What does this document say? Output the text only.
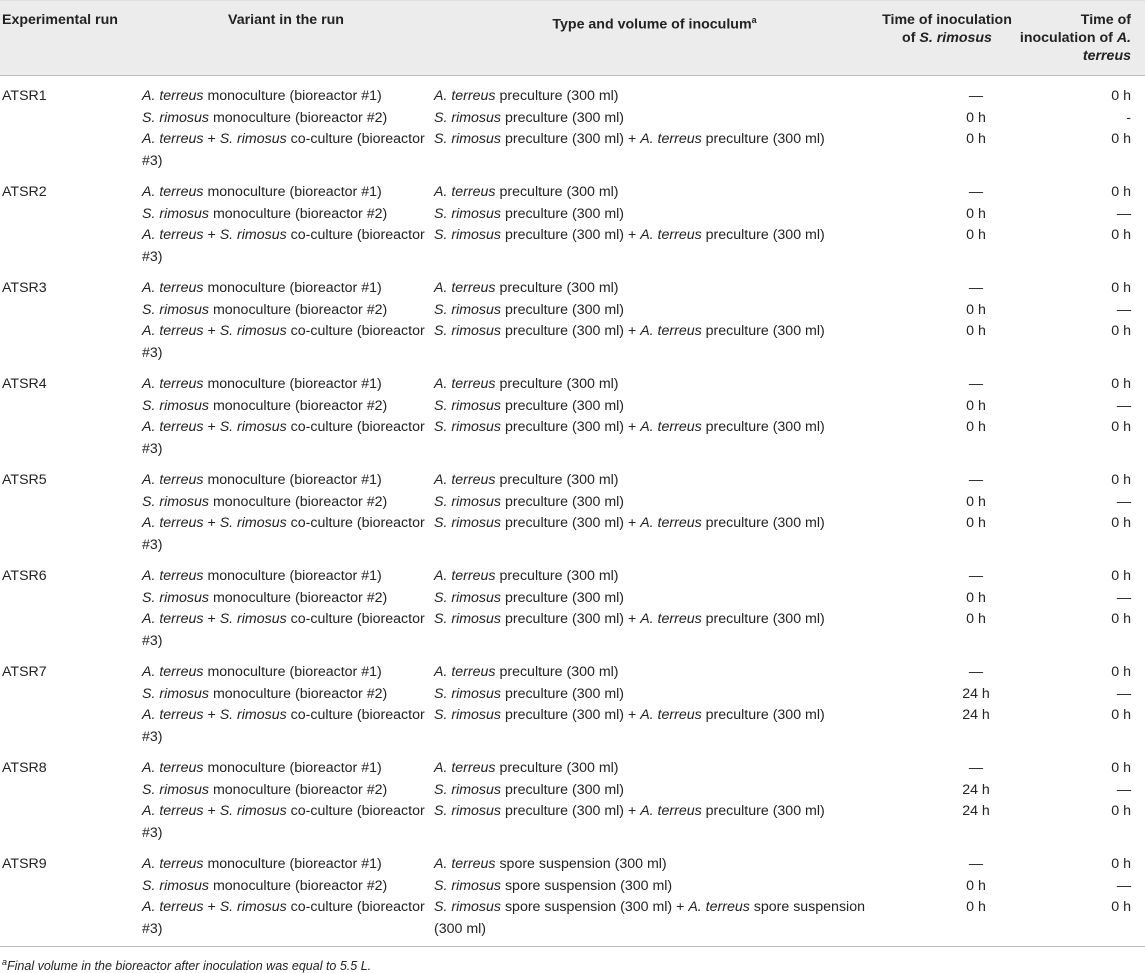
Experimental run	Variant in the run	Type and volume of inoculum$^a$	Time of inoculation of S. rimosus	Time of inoculation of A. terreus
ATSR1	A. terreus monoculture (bioreactor #1)	A. terreus preculture (300 ml)	—	0 h
	S. rimosus monoculture (bioreactor #2)	S. rimosus preculture (300 ml)	0 h	-
	A. terreus + S. rimosus co-culture (bioreactor #3)	S. rimosus preculture (300 ml) + A. terreus preculture (300 ml)	0 h	0 h
ATSR2	A. terreus monoculture (bioreactor #1)	A. terreus preculture (300 ml)	—	0 h
	S. rimosus monoculture (bioreactor #2)	S. rimosus preculture (300 ml)	0 h	—
	A. terreus + S. rimosus co-culture (bioreactor #3)	S. rimosus preculture (300 ml) + A. terreus preculture (300 ml)	0 h	0 h
ATSR3	A. terreus monoculture (bioreactor #1)	A. terreus preculture (300 ml)	—	0 h
	S. rimosus monoculture (bioreactor #2)	S. rimosus preculture (300 ml)	0 h	—
	A. terreus + S. rimosus co-culture (bioreactor #3)	S. rimosus preculture (300 ml) + A. terreus preculture (300 ml)	0 h	0 h
ATSR4	A. terreus monoculture (bioreactor #1)	A. terreus preculture (300 ml)	—	0 h
	S. rimosus monoculture (bioreactor #2)	S. rimosus preculture (300 ml)	0 h	—
	A. terreus + S. rimosus co-culture (bioreactor #3)	S. rimosus preculture (300 ml) + A. terreus preculture (300 ml)	0 h	0 h
ATSR5	A. terreus monoculture (bioreactor #1)	A. terreus preculture (300 ml)	—	0 h
	S. rimosus monoculture (bioreactor #2)	S. rimosus preculture (300 ml)	0 h	—
	A. terreus + S. rimosus co-culture (bioreactor #3)	S. rimosus preculture (300 ml) + A. terreus preculture (300 ml)	0 h	0 h
ATSR6	A. terreus monoculture (bioreactor #1)	A. terreus preculture (300 ml)	—	0 h
	S. rimosus monoculture (bioreactor #2)	S. rimosus preculture (300 ml)	0 h	—
	A. terreus + S. rimosus co-culture (bioreactor #3)	S. rimosus preculture (300 ml) + A. terreus preculture (300 ml)	0 h	0 h
ATSR7	A. terreus monoculture (bioreactor #1)	A. terreus preculture (300 ml)	—	0 h
	S. rimosus monoculture (bioreactor #2)	S. rimosus preculture (300 ml)	24 h	—
	A. terreus + S. rimosus co-culture (bioreactor #3)	S. rimosus preculture (300 ml) + A. terreus preculture (300 ml)	24 h	0 h
ATSR8	A. terreus monoculture (bioreactor #1)	A. terreus preculture (300 ml)	—	0 h
	S. rimosus monoculture (bioreactor #2)	S. rimosus preculture (300 ml)	24 h	—
	A. terreus + S. rimosus co-culture (bioreactor #3)	S. rimosus preculture (300 ml) + A. terreus preculture (300 ml)	24 h	0 h
ATSR9	A. terreus monoculture (bioreactor #1)	A. terreus spore suspension (300 ml)	—	0 h
	S. rimosus monoculture (bioreactor #2)	S. rimosus spore suspension (300 ml)	0 h	—
	A. terreus + S. rimosus co-culture (bioreactor #3)	S. rimosus spore suspension (300 ml) + A. terreus spore suspension (300 ml)	0 h	0 h
$^a$Final volume in the bioreactor after inoculation was equal to 5.5 L.
